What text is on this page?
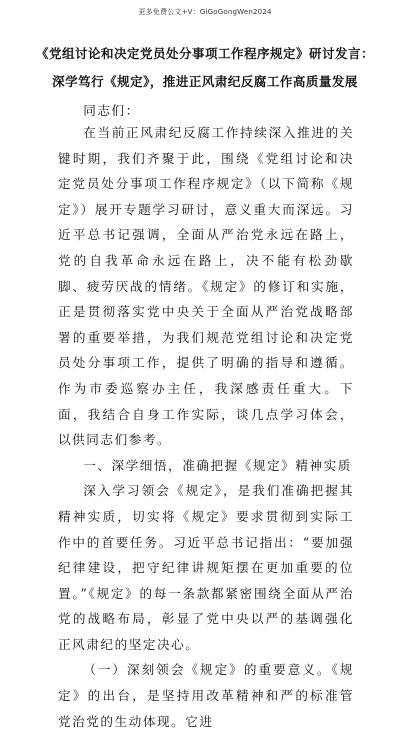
更多免费公文+V：GiGoGongWen2024
《党组讨论和决定党员处分事项工作程序规定》研讨发言：
深学笃行《规定》，推进正风肃纪反腐工作高质量发展

同志们：

在当前正风肃纪反腐工作持续深入推进的关键时期，我们齐聚于此，围绕《党组讨论和决定党员处分事项工作程序规定》（以下简称《规定》）展开专题学习研讨，意义重大而深远。习近平总书记强调，全面从严治党永远在路上，党的自我革命永远在路上，决不能有松劲歇脚、疲劳厌战的情绪。《规定》的修订和实施，正是贯彻落实党中央关于全面从严治党战略部署的重要举措，为我们规范党组讨论和决定党员处分事项工作，提供了明确的指导和遵循。作为市委巡察办主任，我深感责任重大。下面，我结合自身工作实际，谈几点学习体会，以供同志们参考。

一、深学细悟，准确把握《规定》精神实质

深入学习领会《规定》，是我们准确把握其精神实质，切实将《规定》要求贯彻到实际工作中的首要任务。习近平总书记指出：“要加强纪律建设，把守纪律讲规矩摆在更加重要的位置。”《规定》的每一条款都紧密围绕全面从严治党的战略布局，彰显了党中央以严的基调强化正风肃纪的坚定决心。

（一）深刻领会《规定》的重要意义。《规定》的出台，是坚持用改革精神和严的标准管党治党的生动体现。它进
